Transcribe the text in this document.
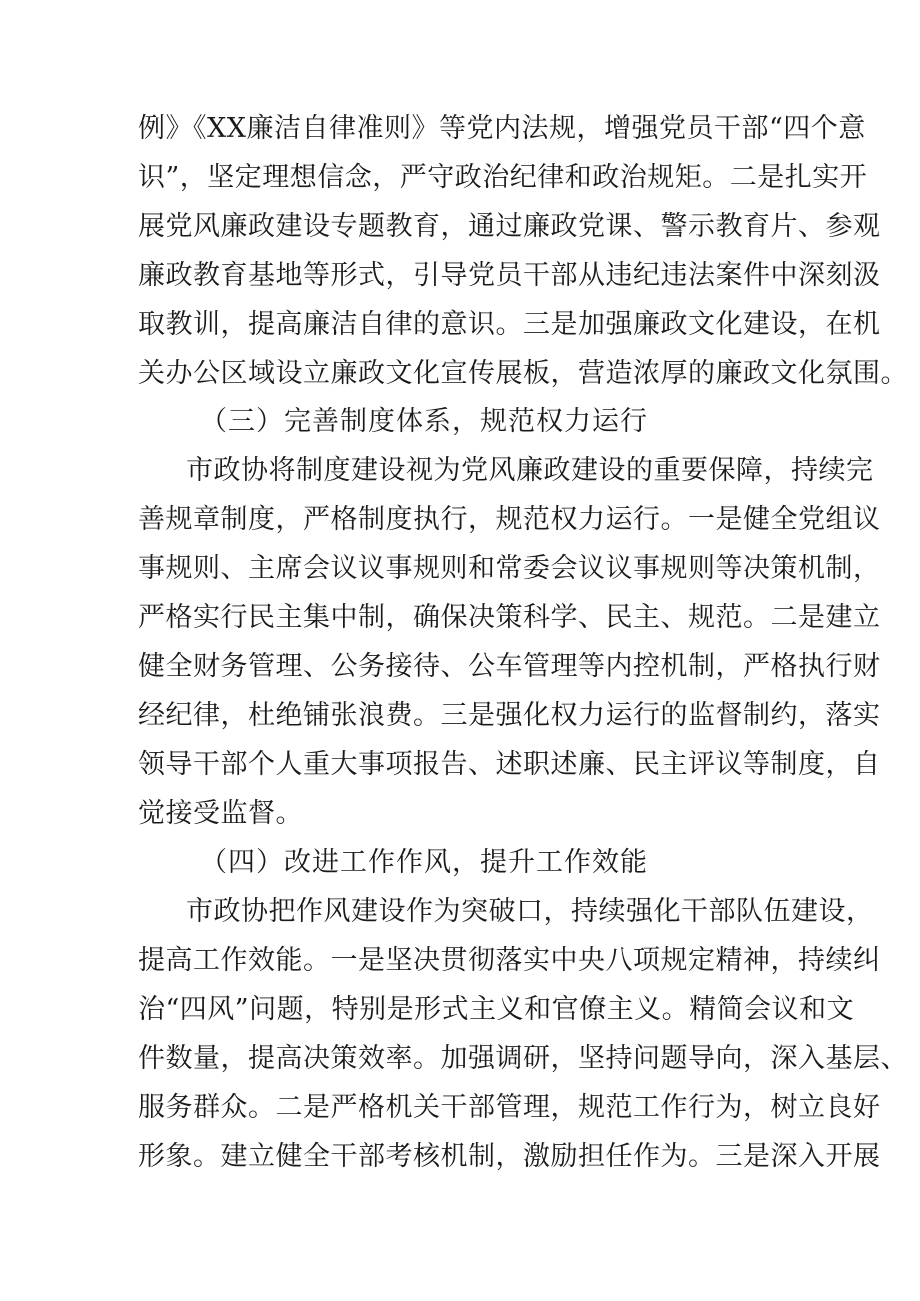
例》《XX廉洁自律准则》等党内法规，增强党员干部“四个意
识”，坚定理想信念，严守政治纪律和政治规矩。二是扎实开
展党风廉政建设专题教育，通过廉政党课、警示教育片、参观
廉政教育基地等形式，引导党员干部从违纪违法案件中深刻汲
取教训，提高廉洁自律的意识。三是加强廉政文化建设，在机
关办公区域设立廉政文化宣传展板，营造浓厚的廉政文化氛围。
（三）完善制度体系，规范权力运行
市政协将制度建设视为党风廉政建设的重要保障，持续完
善规章制度，严格制度执行，规范权力运行。一是健全党组议
事规则、主席会议议事规则和常委会议议事规则等决策机制，
严格实行民主集中制，确保决策科学、民主、规范。二是建立
健全财务管理、公务接待、公车管理等内控机制，严格执行财
经纪律，杜绝铺张浪费。三是强化权力运行的监督制约，落实
领导干部个人重大事项报告、述职述廉、民主评议等制度，自
觉接受监督。
（四）改进工作作风，提升工作效能
市政协把作风建设作为突破口，持续强化干部队伍建设，
提高工作效能。一是坚决贯彻落实中央八项规定精神，持续纠
治“四风”问题，特别是形式主义和官僚主义。精简会议和文
件数量，提高决策效率。加强调研，坚持问题导向，深入基层、
服务群众。二是严格机关干部管理，规范工作行为，树立良好
形象。建立健全干部考核机制，激励担任作为。三是深入开展
